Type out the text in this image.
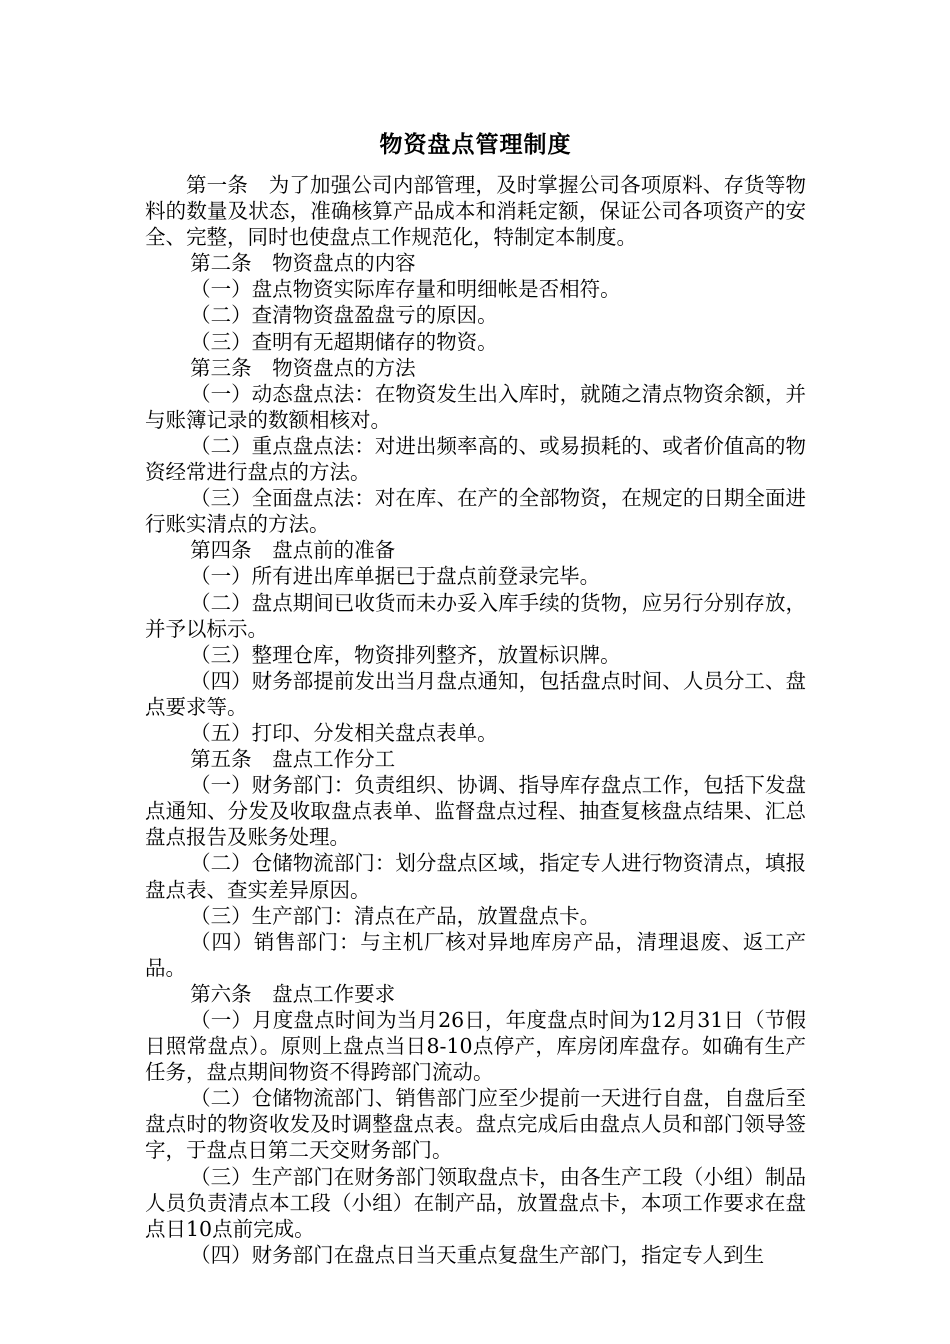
物资盘点管理制度

第一条　为了加强公司内部管理，及时掌握公司各项原料、存货等物料的数量及状态，准确核算产品成本和消耗定额，保证公司各项资产的安全、完整，同时也使盘点工作规范化，特制定本制度。

第二条　物资盘点的内容

（一）盘点物资实际库存量和明细帐是否相符。

（二）查清物资盘盈盘亏的原因。

（三）查明有无超期储存的物资。

第三条　物资盘点的方法

（一）动态盘点法：在物资发生出入库时，就随之清点物资余额，并与账簿记录的数额相核对。

（二）重点盘点法：对进出频率高的、或易损耗的、或者价值高的物资经常进行盘点的方法。

（三）全面盘点法：对在库、在产的全部物资，在规定的日期全面进行账实清点的方法。

第四条　盘点前的准备

（一）所有进出库单据已于盘点前登录完毕。

（二）盘点期间已收货而未办妥入库手续的货物，应另行分别存放，并予以标示。

（三）整理仓库，物资排列整齐，放置标识牌。

（四）财务部提前发出当月盘点通知，包括盘点时间、人员分工、盘点要求等。

（五）打印、分发相关盘点表单。

第五条　盘点工作分工

（一）财务部门：负责组织、协调、指导库存盘点工作，包括下发盘点通知、分发及收取盘点表单、监督盘点过程、抽查复核盘点结果、汇总盘点报告及账务处理。

（二）仓储物流部门：划分盘点区域，指定专人进行物资清点，填报盘点表、查实差异原因。

（三）生产部门：清点在产品，放置盘点卡。

（四）销售部门：与主机厂核对异地库房产品，清理退废、返工产品。

第六条　盘点工作要求

（一）月度盘点时间为当月26日，年度盘点时间为12月31日（节假日照常盘点）。原则上盘点当日8-10点停产，库房闭库盘存。如确有生产任务，盘点期间物资不得跨部门流动。

（二）仓储物流部门、销售部门应至少提前一天进行自盘，自盘后至盘点时的物资收发及时调整盘点表。盘点完成后由盘点人员和部门领导签字，于盘点日第二天交财务部门。

（三）生产部门在财务部门领取盘点卡，由各生产工段（小组）制品人员负责清点本工段（小组）在制产品，放置盘点卡，本项工作要求在盘点日10点前完成。

（四）财务部门在盘点日当天重点复盘生产部门，指定专人到生
